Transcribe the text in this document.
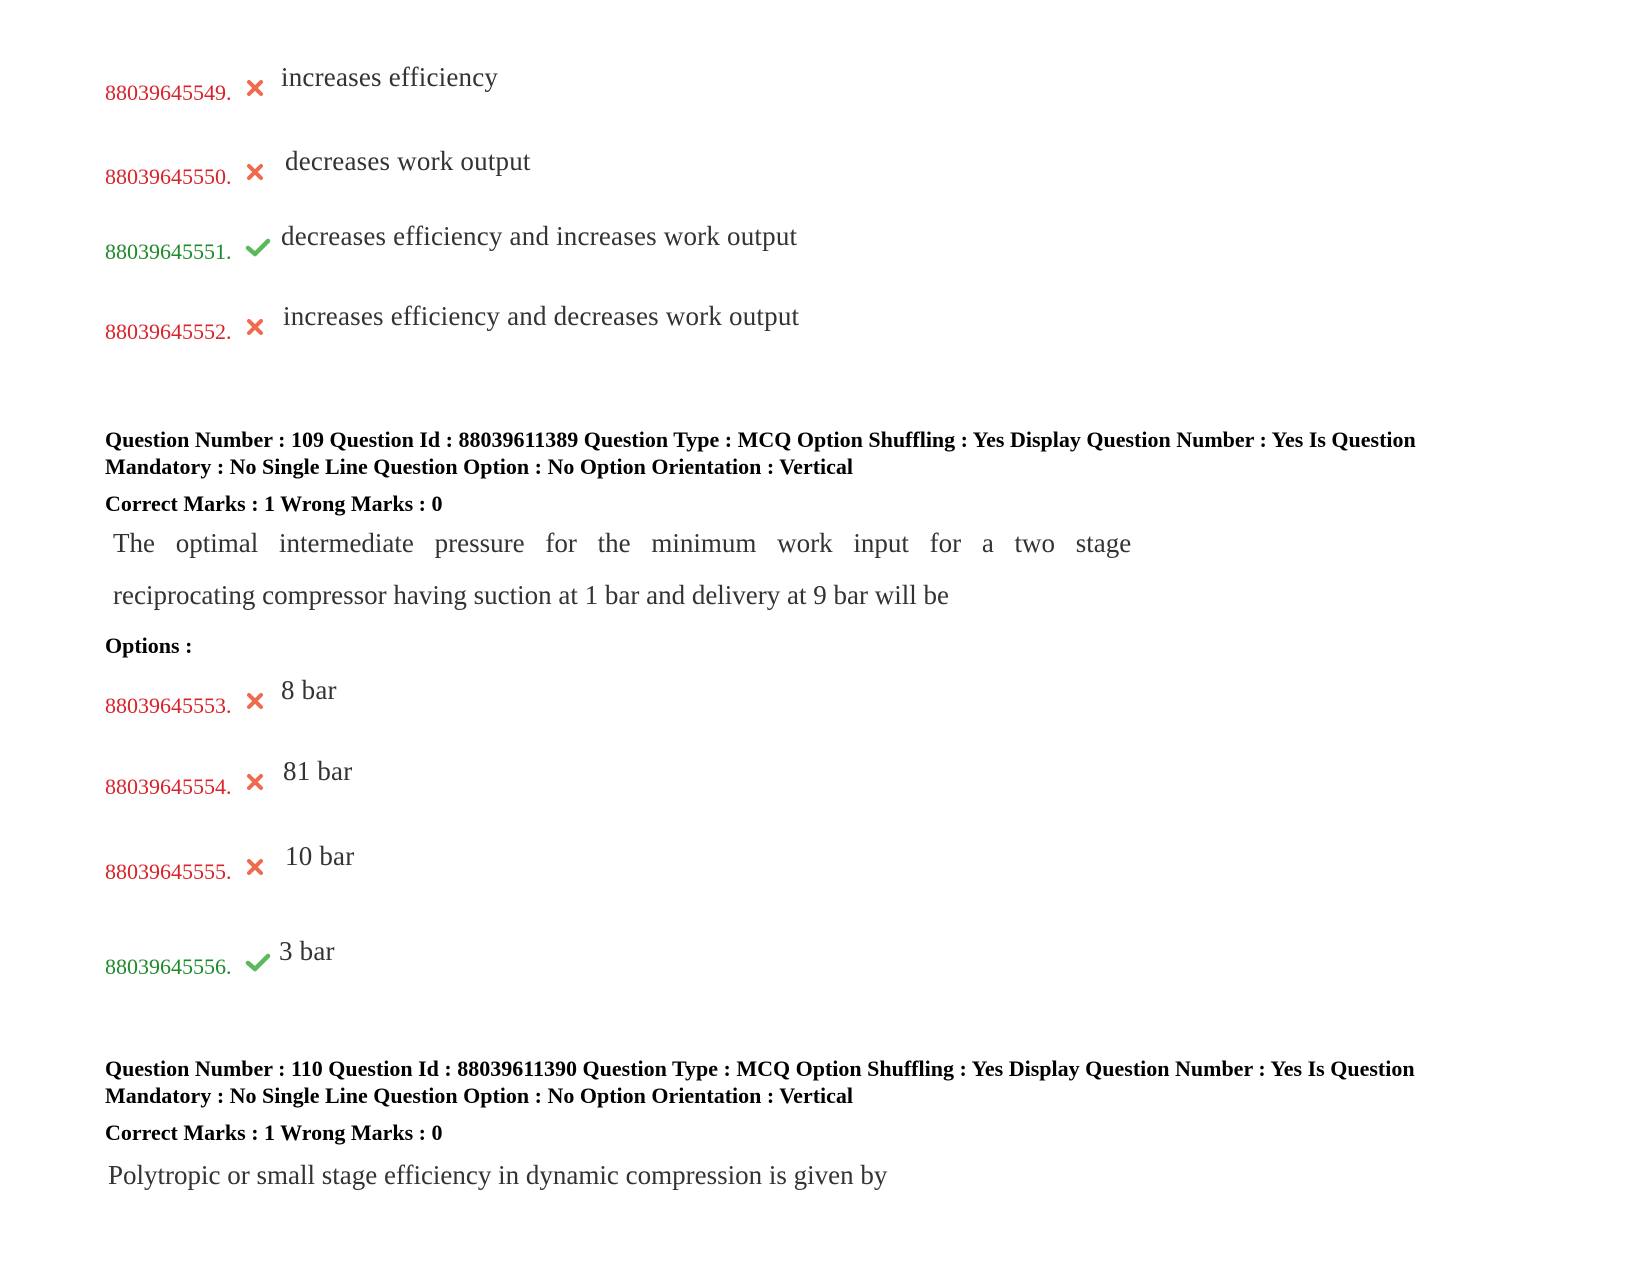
88039645549.
increases efficiency
88039645550.
decreases work output
88039645551.
decreases efficiency and increases work output
88039645552.
increases efficiency and decreases work output
Question Number : 109 Question Id : 88039611389 Question Type : MCQ Option Shuffling : Yes Display Question Number : Yes Is Question
Mandatory : No Single Line Question Option : No Option Orientation : Vertical
Correct Marks : 1 Wrong Marks : 0
The optimal intermediate pressure for the minimum work input for a two stage
reciprocating compressor having suction at 1 bar and delivery at 9 bar will be
Options :
88039645553.
8 bar
88039645554.
81 bar
88039645555.
10 bar
88039645556.
3 bar
Question Number : 110 Question Id : 88039611390 Question Type : MCQ Option Shuffling : Yes Display Question Number : Yes Is Question
Mandatory : No Single Line Question Option : No Option Orientation : Vertical
Correct Marks : 1 Wrong Marks : 0
Polytropic or small stage efficiency in dynamic compression is given by
